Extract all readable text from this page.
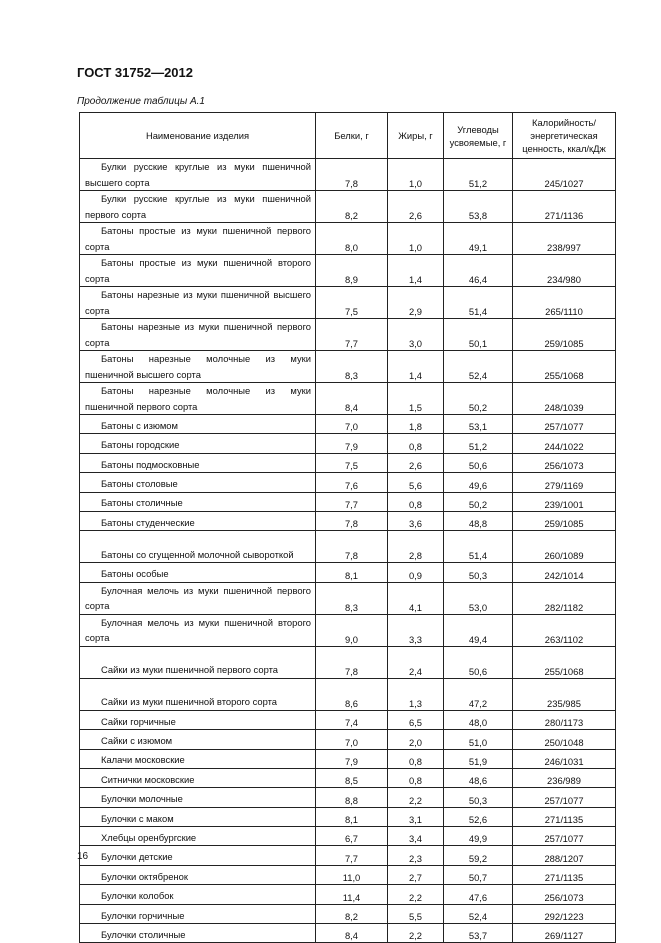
ГОСТ 31752—2012
Продолжение таблицы А.1
Наименование изделия	Белки, г	Жиры, г	Углеводы усвояемые, г	Калорийность/ энергетическая ценность, ккал/кДж
Булки русские круглые из муки пшеничной высшего сорта	7,8	1,0	51,2	245/1027
Булки русские круглые из муки пшеничной первого сорта	8,2	2,6	53,8	271/1136
Батоны простые из муки пшеничной первого сорта	8,0	1,0	49,1	238/997
Батоны простые из муки пшеничной второго сорта	8,9	1,4	46,4	234/980
Батоны нарезные из муки пшеничной высшего сорта	7,5	2,9	51,4	265/1110
Батоны нарезные из муки пшеничной первого сорта	7,7	3,0	50,1	259/1085
Батоны нарезные молочные из муки пшеничной высшего сорта	8,3	1,4	52,4	255/1068
Батоны нарезные молочные из муки пшеничной первого сорта	8,4	1,5	50,2	248/1039
Батоны с изюмом	7,0	1,8	53,1	257/1077
Батоны городские	7,9	0,8	51,2	244/1022
Батоны подмосковные	7,5	2,6	50,6	256/1073
Батоны столовые	7,6	5,6	49,6	279/1169
Батоны столичные	7,7	0,8	50,2	239/1001
Батоны студенческие	7,8	3,6	48,8	259/1085
Батоны со сгущенной молочной сывороткой	7,8	2,8	51,4	260/1089
Батоны особые	8,1	0,9	50,3	242/1014
Булочная мелочь из муки пшеничной первого сорта	8,3	4,1	53,0	282/1182
Булочная мелочь из муки пшеничной второго сорта	9,0	3,3	49,4	263/1102
Сайки из муки пшеничной первого сорта	7,8	2,4	50,6	255/1068
Сайки из муки пшеничной второго сорта	8,6	1,3	47,2	235/985
Сайки горчичные	7,4	6,5	48,0	280/1173
Сайки с изюмом	7,0	2,0	51,0	250/1048
Калачи московские	7,9	0,8	51,9	246/1031
Ситнички московские	8,5	0,8	48,6	236/989
Булочки молочные	8,8	2,2	50,3	257/1077
Булочки с маком	8,1	3,1	52,6	271/1135
Хлебцы оренбургские	6,7	3,4	49,9	257/1077
Булочки детские	7,7	2,3	59,2	288/1207
Булочки октябренок	11,0	2,7	50,7	271/1135
Булочки колобок	11,4	2,2	47,6	256/1073
Булочки горчичные	8,2	5,5	52,4	292/1223
Булочки столичные	8,4	2,2	53,7	269/1127
16
